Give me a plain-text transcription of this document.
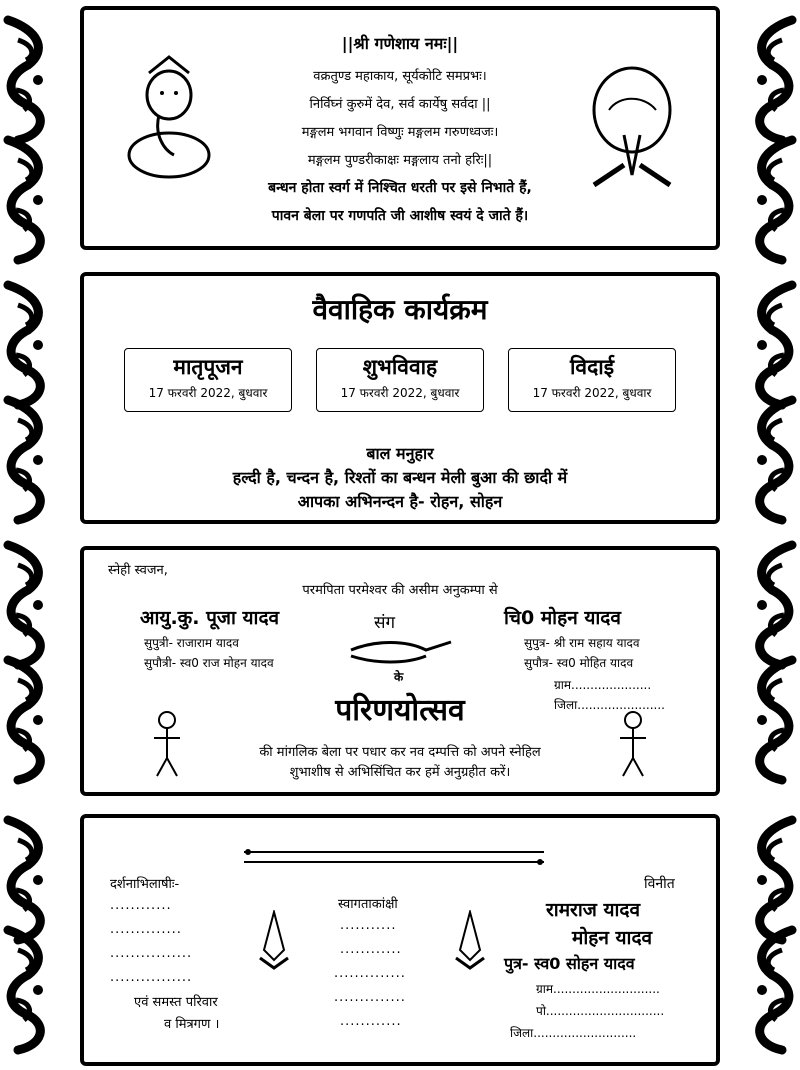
||श्री गणेशाय नमः||
वक्रतुण्ड महाकाय, सूर्यकोटि समप्रभः।
निर्विघ्नं कुरुमें देव, सर्व कार्येषु सर्वदा ||
मङ्गलम भगवान विष्णुः मङ्गलम गरुणध्वजः।
मङ्गलम पुण्डरीकाक्षः मङ्गलाय तनो हरिः||
बन्धन होता स्वर्ग में निश्चित धरती पर इसे निभाते हैं,
पावन बेला पर गणपति जी आशीष स्वयं दे जाते हैं।
वैवाहिक कार्यक्रम
मातृपूजन
17 फरवरी 2022, बुधवार
शुभविवाह
17 फरवरी 2022, बुधवार
विदाई
17 फरवरी 2022, बुधवार
बाल मनुहार
हल्दी है, चन्दन है, रिश्तों का बन्धन मेली बुआ की छादी में
आपका अभिनन्दन है- रोहन, सोहन
स्नेही स्वजन,
परमपिता परमेश्वर की असीम अनुकम्पा से
आयु.कु. पूजा यादव
सुपुत्री- राजाराम यादव
सुपौत्री- स्व0 राज मोहन यादव
संग
के
परिणयोत्सव
चि0 मोहन यादव
सुपुत्र- श्री राम सहाय यादव
सुपौत्र- स्व0 मोहित यादव
ग्राम.....................
जिला.......................
की मांगलिक बेला पर पधार कर नव दम्पत्ति को अपने स्नेहिल
शुभाशीष से अभिसिंचित कर हमें अनुग्रहीत करें।
दर्शनाभिलाषीः-
............
..............
................
................
एवं समस्त परिवार
व मित्रगण ।
स्वागताकांक्षी
...........
............
..............
..............
............
विनीत
रामराज यादव
मोहन यादव
पुत्र- स्व0 सोहन यादव
ग्राम............................
पो...............................
जिला...........................
